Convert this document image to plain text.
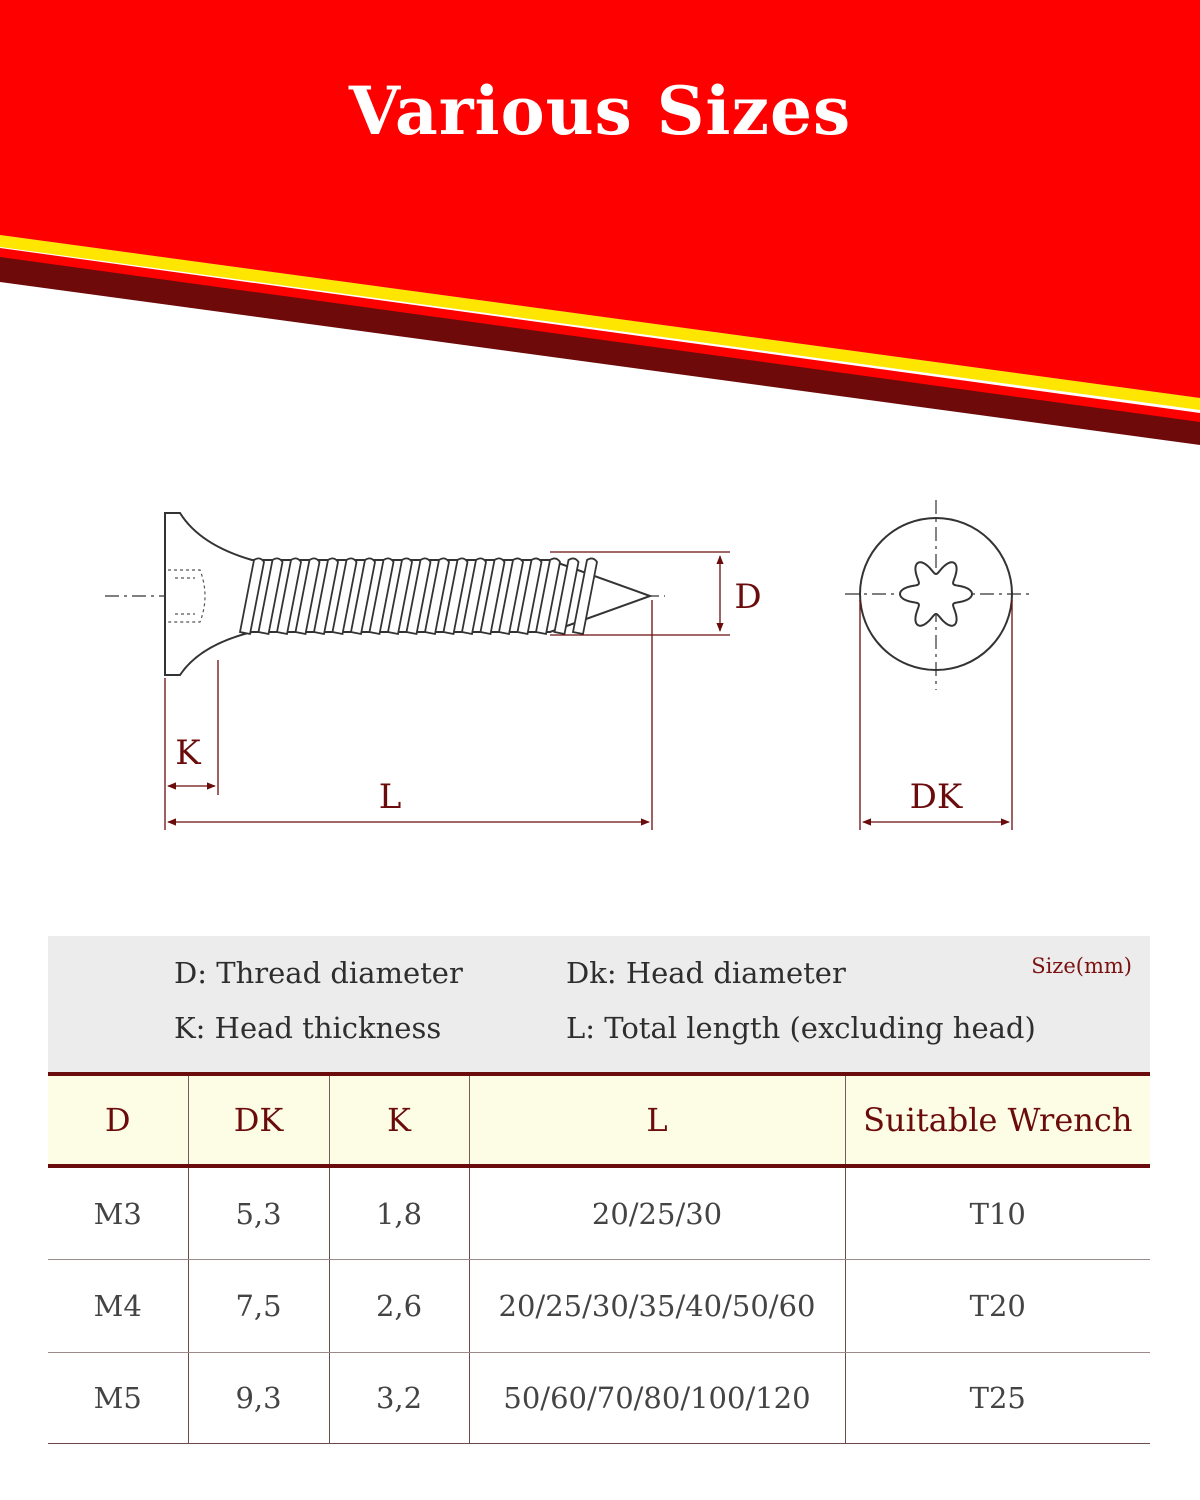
Various Sizes
K
L
D
DK
D: Thread diameter	Dk: Head diameter
K: Head thickness	L: Total length (excluding head)
Size(mm)
D	DK	K	L	Suitable Wrench
M3	5,3	1,8	20/25/30	T10
M4	7,5	2,6	20/25/30/35/40/50/60	T20
M5	9,3	3,2	50/60/70/80/100/120	T25
